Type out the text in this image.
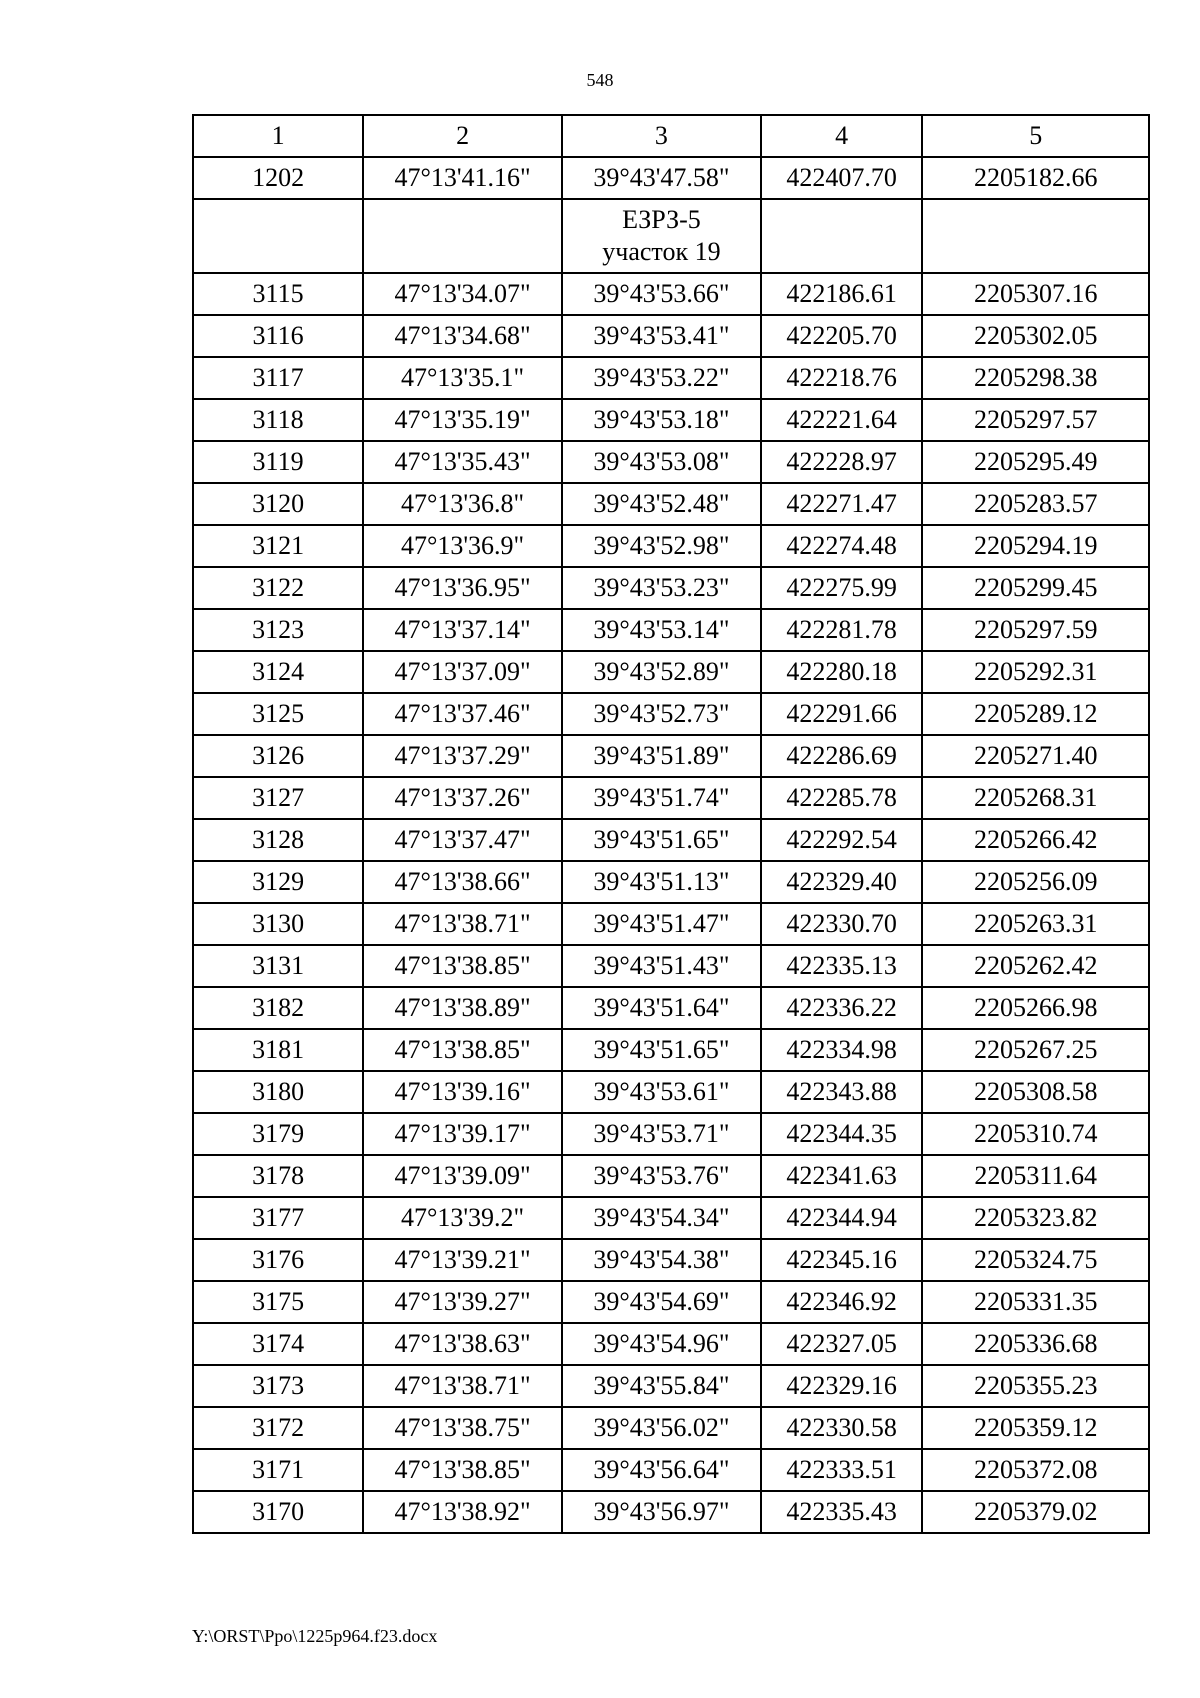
548
1	2	3	4	5
1202	47°13'41.16"	39°43'47.58"	422407.70	2205182.66

		ЕЗРЗ-5
участок 19		

3115	47°13'34.07"	39°43'53.66"	422186.61	2205307.16
3116	47°13'34.68"	39°43'53.41"	422205.70	2205302.05
3117	47°13'35.1"	39°43'53.22"	422218.76	2205298.38
3118	47°13'35.19"	39°43'53.18"	422221.64	2205297.57
3119	47°13'35.43"	39°43'53.08"	422228.97	2205295.49
3120	47°13'36.8"	39°43'52.48"	422271.47	2205283.57
3121	47°13'36.9"	39°43'52.98"	422274.48	2205294.19
3122	47°13'36.95"	39°43'53.23"	422275.99	2205299.45
3123	47°13'37.14"	39°43'53.14"	422281.78	2205297.59
3124	47°13'37.09"	39°43'52.89"	422280.18	2205292.31
3125	47°13'37.46"	39°43'52.73"	422291.66	2205289.12
3126	47°13'37.29"	39°43'51.89"	422286.69	2205271.40
3127	47°13'37.26"	39°43'51.74"	422285.78	2205268.31
3128	47°13'37.47"	39°43'51.65"	422292.54	2205266.42
3129	47°13'38.66"	39°43'51.13"	422329.40	2205256.09
3130	47°13'38.71"	39°43'51.47"	422330.70	2205263.31
3131	47°13'38.85"	39°43'51.43"	422335.13	2205262.42
3182	47°13'38.89"	39°43'51.64"	422336.22	2205266.98
3181	47°13'38.85"	39°43'51.65"	422334.98	2205267.25
3180	47°13'39.16"	39°43'53.61"	422343.88	2205308.58
3179	47°13'39.17"	39°43'53.71"	422344.35	2205310.74
3178	47°13'39.09"	39°43'53.76"	422341.63	2205311.64
3177	47°13'39.2"	39°43'54.34"	422344.94	2205323.82
3176	47°13'39.21"	39°43'54.38"	422345.16	2205324.75
3175	47°13'39.27"	39°43'54.69"	422346.92	2205331.35
3174	47°13'38.63"	39°43'54.96"	422327.05	2205336.68
3173	47°13'38.71"	39°43'55.84"	422329.16	2205355.23
3172	47°13'38.75"	39°43'56.02"	422330.58	2205359.12
3171	47°13'38.85"	39°43'56.64"	422333.51	2205372.08
3170	47°13'38.92"	39°43'56.97"	422335.43	2205379.02
Y:\ORST\Ppo\1225p964.f23.docx
